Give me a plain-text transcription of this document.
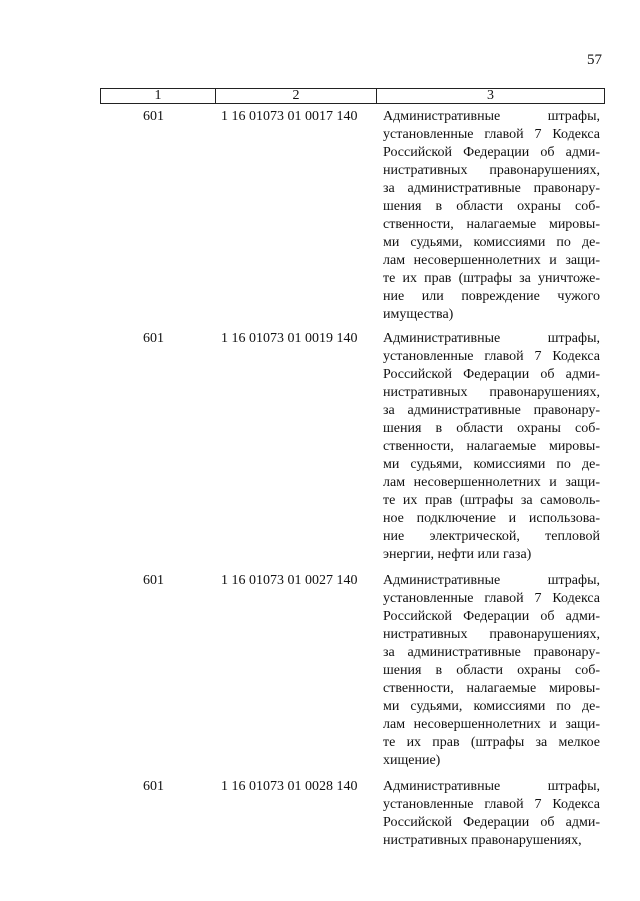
57
1	2	3
601	1 16 01073 01 0017 140	Административные штрафы,
установленные главой 7 Кодекса
Российской Федерации об адми-
нистративных правонарушениях,
за административные правонару-
шения в области охраны соб-
ственности, налагаемые мировы-
ми судьями, комиссиями по де-
лам несовершеннолетних и защи-
те их прав (штрафы за уничтоже-
ние или повреждение чужого
имущества)
601	1 16 01073 01 0019 140	Административные штрафы,
установленные главой 7 Кодекса
Российской Федерации об адми-
нистративных правонарушениях,
за административные правонару-
шения в области охраны соб-
ственности, налагаемые мировы-
ми судьями, комиссиями по де-
лам несовершеннолетних и защи-
те их прав (штрафы за самоволь-
ное подключение и использова-
ние электрической, тепловой
энергии, нефти или газа)
601	1 16 01073 01 0027 140	Административные штрафы,
установленные главой 7 Кодекса
Российской Федерации об адми-
нистративных правонарушениях,
за административные правонару-
шения в области охраны соб-
ственности, налагаемые мировы-
ми судьями, комиссиями по де-
лам несовершеннолетних и защи-
те их прав (штрафы за мелкое
хищение)
601	1 16 01073 01 0028 140	Административные штрафы,
установленные главой 7 Кодекса
Российской Федерации об адми-
нистративных правонарушениях,
